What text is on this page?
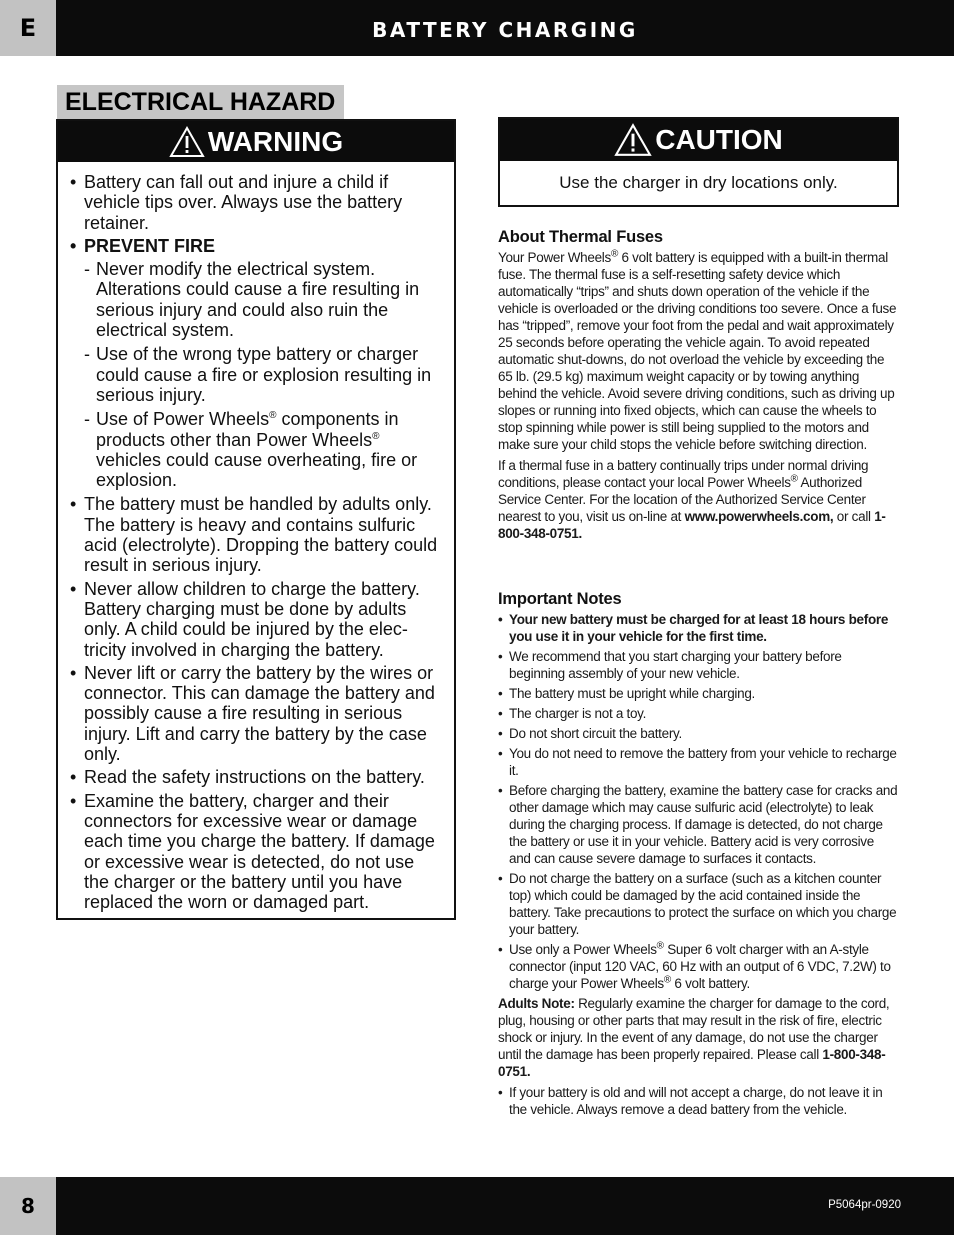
E	BATTERY CHARGING
ELECTRICAL HAZARD
WARNING
• Battery can fall out and injure a child if vehicle tips over. Always use the battery retainer.
• PREVENT FIRE
- Never modify the electrical system. Alterations could cause a fire resulting in serious injury and could also ruin the electrical system.
- Use of the wrong type battery or charger could cause a fire or explosion resulting in serious injury.
- Use of Power Wheels® components in products other than Power Wheels® vehicles could cause overheating, fire or explosion.
• The battery must be handled by adults only. The battery is heavy and contains sulfuric acid (electrolyte). Dropping the battery could result in serious injury.
• Never allow children to charge the battery. Battery charging must be done by adults only. A child could be injured by the elec-tricity involved in charging the battery.
• Never lift or carry the battery by the wires or connector. This can damage the battery and possibly cause a fire resulting in serious injury. Lift and carry the battery by the case only.
• Read the safety instructions on the battery.
• Examine the battery, charger and their connectors for excessive wear or damage each time you charge the battery. If damage or excessive wear is detected, do not use the charger or the battery until you have replaced the worn or damaged part.
CAUTION
Use the charger in dry locations only.
About Thermal Fuses

Your Power Wheels® 6 volt battery is equipped with a built-in thermal fuse. The thermal fuse is a self-resetting safety device which automatically “trips” and shuts down operation of the vehicle if the vehicle is overloaded or the driving conditions too severe. Once a fuse has “tripped”, remove your foot from the pedal and wait approximately 25 seconds before operating the vehicle again. To avoid repeated automatic shut-downs, do not overload the vehicle by exceeding the 65 lb. (29.5 kg) maximum weight capacity or by towing anything behind the vehicle. Avoid severe driving conditions, such as driving up slopes or running into fixed objects, which can cause the wheels to stop spinning while power is still being supplied to the motors and make sure your child stops the vehicle before switching direction.

If a thermal fuse in a battery continually trips under normal driving conditions, please contact your local Power Wheels® Authorized Service Center. For the location of the Authorized Service Center nearest to you, visit us on-line at www.powerwheels.com, or call 1-800-348-0751.

Important Notes
• Your new battery must be charged for at least 18 hours before you use it in your vehicle for the first time.
• We recommend that you start charging your battery before beginning assembly of your new vehicle.
• The battery must be upright while charging.
• The charger is not a toy.
• Do not short circuit the battery.
• You do not need to remove the battery from your vehicle to recharge it.
• Before charging the battery, examine the battery case for cracks and other damage which may cause sulfuric acid (electrolyte) to leak during the charging process. If damage is detected, do not charge the battery or use it in your vehicle. Battery acid is very corrosive and can cause severe damage to surfaces it contacts.
• Do not charge the battery on a surface (such as a kitchen counter top) which could be damaged by the acid contained inside the battery. Take precautions to protect the surface on which you charge your battery.
• Use only a Power Wheels® Super 6 volt charger with an A-style connector (input 120 VAC, 60 Hz with an output of 6 VDC, 7.2W) to charge your Power Wheels® 6 volt battery.

Adults Note: Regularly examine the charger for damage to the cord, plug, housing or other parts that may result in the risk of fire, electric shock or injury. In the event of any damage, do not use the charger until the damage has been properly repaired. Please call 1-800-348-0751.

• If your battery is old and will not accept a charge, do not leave it in the vehicle. Always remove a dead battery from the vehicle.
8	P5064pr-0920
